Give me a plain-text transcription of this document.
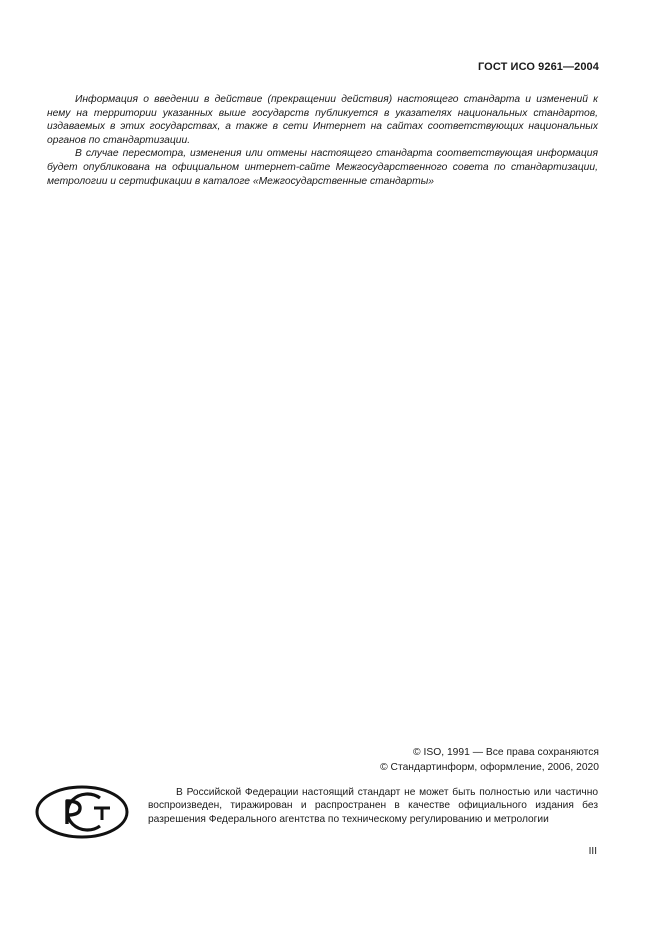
ГОСТ ИСО 9261—2004

Информация о введении в действие (прекращении действия) настоящего стандарта и изменений к нему на территории указанных выше государств публикуется в указателях национальных стандартов, издаваемых в этих государствах, а также в сети Интернет на сайтах соответствующих национальных органов по стандартизации.

В случае пересмотра, изменения или отмены настоящего стандарта соответствующая информация будет опубликована на официальном интернет-сайте Межгосударственного совета по стандартизации, метрологии и сертификации в каталоге «Межгосударственные стандарты»

© ISO, 1991 — Все права сохраняются
© Стандартинформ, оформление, 2006, 2020

В Российской Федерации настоящий стандарт не может быть полностью или частично воспроизведен, тиражирован и распространен в качестве официального издания без разрешения Федерального агентства по техническому регулированию и метрологии

III
